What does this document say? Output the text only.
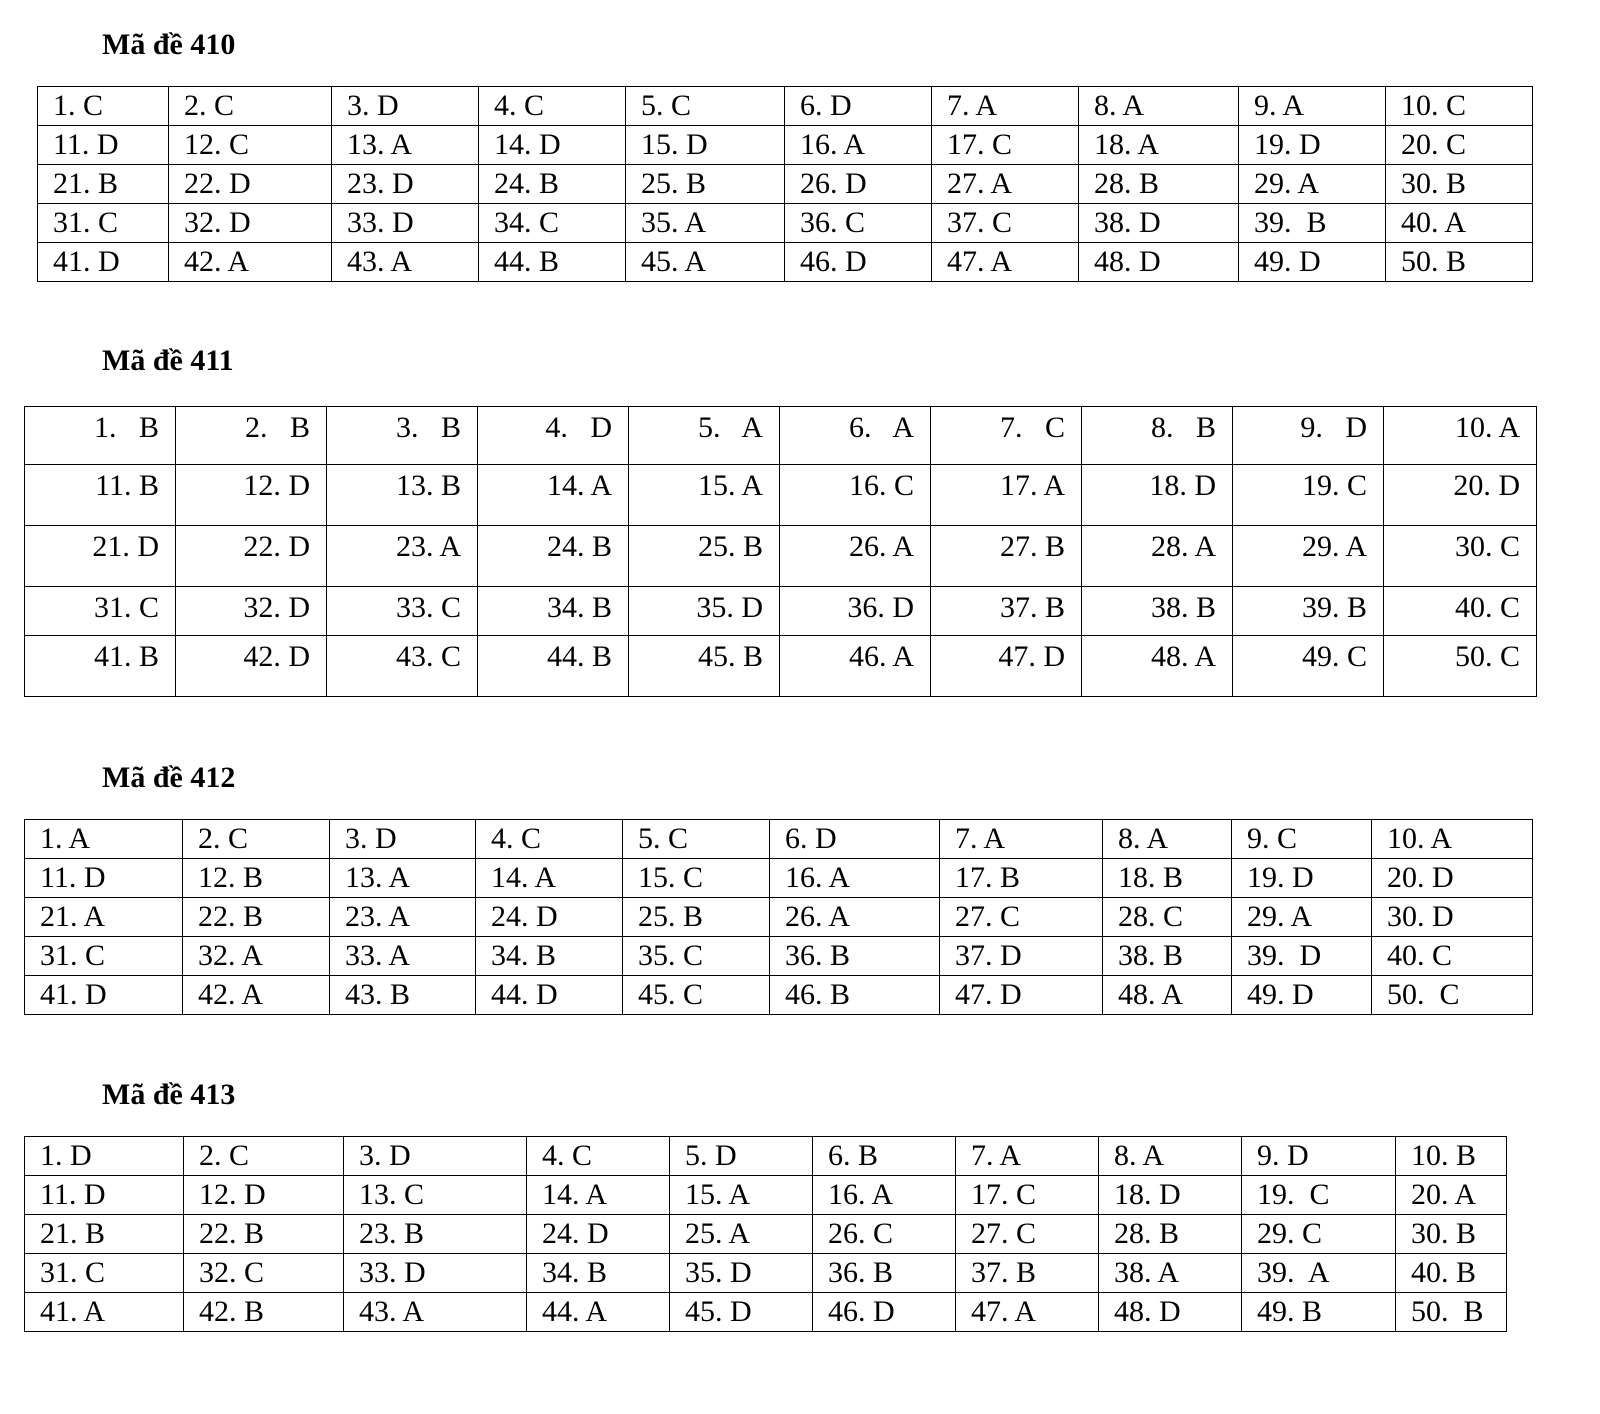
Mã đề 410
1. C	2. C	3. D	4. C	5. C	6. D	7. A	8. A	9. A	10. C
11. D	12. C	13. A	14. D	15. D	16. A	17. C	18. A	19. D	20. C
21. B	22. D	23. D	24. B	25. B	26. D	27. A	28. B	29. A	30. B
31. C	32. D	33. D	34. C	35. A	36. C	37. C	38. D	39.  B	40. A
41. D	42. A	43. A	44. B	45. A	46. D	47. A	48. D	49. D	50. B
Mã đề 411
1.   B	2.   B	3.   B	4.   D	5.   A	6.   A	7.   C	8.   B	9.   D	10. A
11. B	12. D	13. B	14. A	15. A	16. C	17. A	18. D	19. C	20. D
21. D	22. D	23. A	24. B	25. B	26. A	27. B	28. A	29. A	30. C
31. C	32. D	33. C	34. B	35. D	36. D	37. B	38. B	39. B	40. C
41. B	42. D	43. C	44. B	45. B	46. A	47. D	48. A	49. C	50. C
Mã đề 412
1. A	2. C	3. D	4. C	5. C	6. D	7. A	8. A	9. C	10. A
11. D	12. B	13. A	14. A	15. C	16. A	17. B	18. B	19. D	20. D
21. A	22. B	23. A	24. D	25. B	26. A	27. C	28. C	29. A	30. D
31. C	32. A	33. A	34. B	35. C	36. B	37. D	38. B	39.  D	40. C
41. D	42. A	43. B	44. D	45. C	46. B	47. D	48. A	49. D	50.  C
Mã đề 413
1. D	2. C	3. D	4. C	5. D	6. B	7. A	8. A	9. D	10. B
11. D	12. D	13. C	14. A	15. A	16. A	17. C	18. D	19.  C	20. A
21. B	22. B	23. B	24. D	25. A	26. C	27. C	28. B	29. C	30. B
31. C	32. C	33. D	34. B	35. D	36. B	37. B	38. A	39.  A	40. B
41. A	42. B	43. A	44. A	45. D	46. D	47. A	48. D	49. B	50.  B
